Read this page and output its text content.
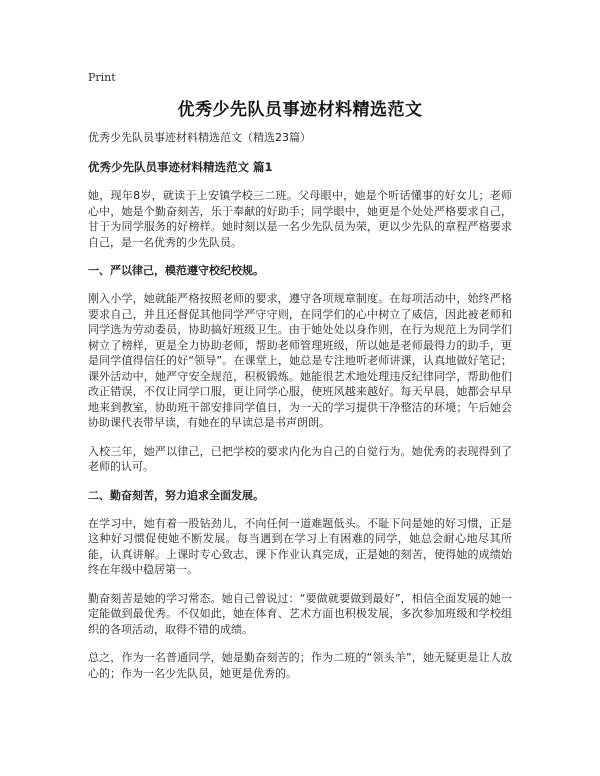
Print
优秀少先队员事迹材料精选范文

优秀少先队员事迹材料精选范文（精选23篇）

优秀少先队员事迹材料精选范文 篇1

她，现年8岁，就读于上安镇学校三二班。父母眼中，她是个听话懂事的好女儿；老师心中，她是个勤奋刻苦，乐于奉献的好助手；同学眼中，她更是个处处严格要求自己，甘于为同学服务的好榜样。她时刻以是一名少先队员为荣，更以少先队的章程严格要求自己，是一名优秀的少先队员。

一、严以律己，模范遵守校纪校规。

刚入小学，她就能严格按照老师的要求，遵守各项规章制度。在每项活动中，始终严格要求自己，并且还督促其他同学严守守则，在同学们的心中树立了威信，因此被老师和同学选为劳动委员，协助搞好班级卫生。由于她处处以身作则，在行为规范上为同学们树立了榜样，更是全力协助老师，帮助老师管理班级，所以她是老师最得力的助手，更是同学值得信任的好“领导”。在课堂上，她总是专注地听老师讲课，认真地做好笔记；课外活动中，她严守安全规范，积极锻炼。她能很艺术地处理违反纪律同学，帮助他们改正错误，不仅让同学口服，更让同学心服，使班风越来越好。每天早晨，她都会早早地来到教室，协助班干部安排同学值日，为一天的学习提供干净整洁的环境；午后她会协助课代表带早读，有她在的早读总是书声朗朗。

入校三年，她严以律己，已把学校的要求内化为自己的自觉行为。她优秀的表现得到了老师的认可。

二、勤奋刻苦，努力追求全面发展。

在学习中，她有着一股钻劲儿，不向任何一道难题低头。不耻下问是她的好习惯，正是这种好习惯促使她不断发展。每当遇到在学习上有困难的同学，她总会耐心地尽其所能，认真讲解。上课时专心致志，课下作业认真完成，正是她的刻苦，使得她的成绩始终在年级中稳居第一。

勤奋刻苦是她的学习常态。她自己曾说过：“要做就要做到最好”，相信全面发展的她一定能做到最优秀。不仅如此，她在体育、艺术方面也积极发展，多次参加班级和学校组织的各项活动，取得不错的成绩。

总之，作为一名普通同学，她是勤奋刻苦的；作为二班的“领头羊”，她无疑更是让人放心的；作为一名少先队员，她更是优秀的。
